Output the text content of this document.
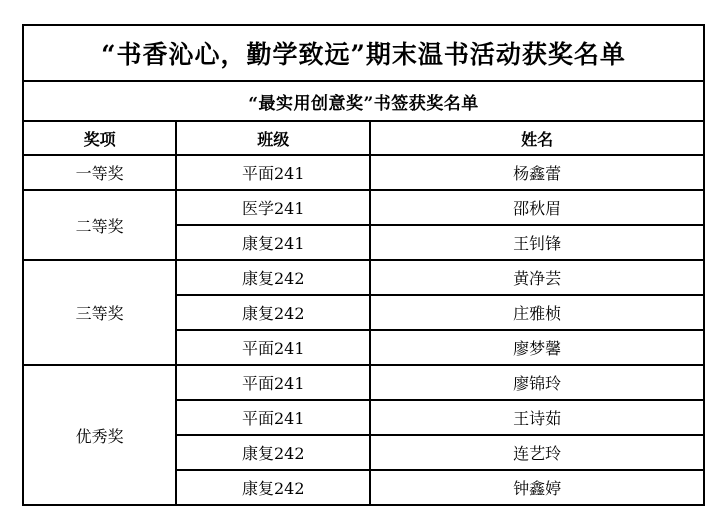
“书香沁心，勤学致远”期末温书活动获奖名单		
“最实用创意奖”书签获奖名单		
奖项	班级	姓名
一等奖	平面241	杨鑫蕾
二等奖	医学241	邵秋眉
	康复241	王钊锋
三等奖	康复242	黄净芸
	康复242	庄雅桢
	平面241	廖梦馨
优秀奖	平面241	廖锦玲
	平面241	王诗茹
	康复242	连艺玲
	康复242	钟鑫婷
